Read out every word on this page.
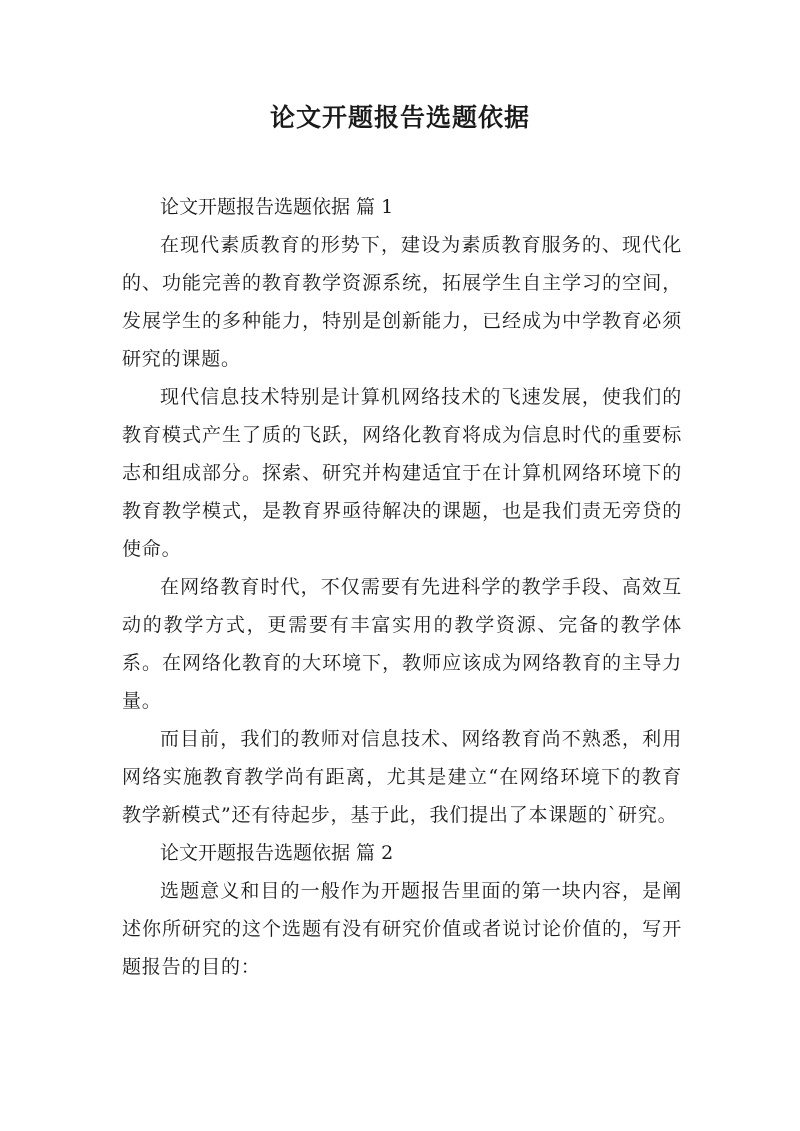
论文开题报告选题依据
论文开题报告选题依据 篇 1

在现代素质教育的形势下，建设为素质教育服务的、现代化的、功能完善的教育教学资源系统，拓展学生自主学习的空间，发展学生的多种能力，特别是创新能力，已经成为中学教育必须研究的课题。

现代信息技术特别是计算机网络技术的飞速发展，使我们的教育模式产生了质的飞跃，网络化教育将成为信息时代的重要标志和组成部分。探索、研究并构建适宜于在计算机网络环境下的教育教学模式，是教育界亟待解决的课题，也是我们责无旁贷的使命。

在网络教育时代，不仅需要有先进科学的教学手段、高效互动的教学方式，更需要有丰富实用的教学资源、完备的教学体系。在网络化教育的大环境下，教师应该成为网络教育的主导力量。

而目前，我们的教师对信息技术、网络教育尚不熟悉，利用网络实施教育教学尚有距离，尤其是建立“在网络环境下的教育教学新模式”还有待起步，基于此，我们提出了本课题的`研究。

论文开题报告选题依据 篇 2

选题意义和目的一般作为开题报告里面的第一块内容，是阐述你所研究的这个选题有没有研究价值或者说讨论价值的，写开题报告的目的：
